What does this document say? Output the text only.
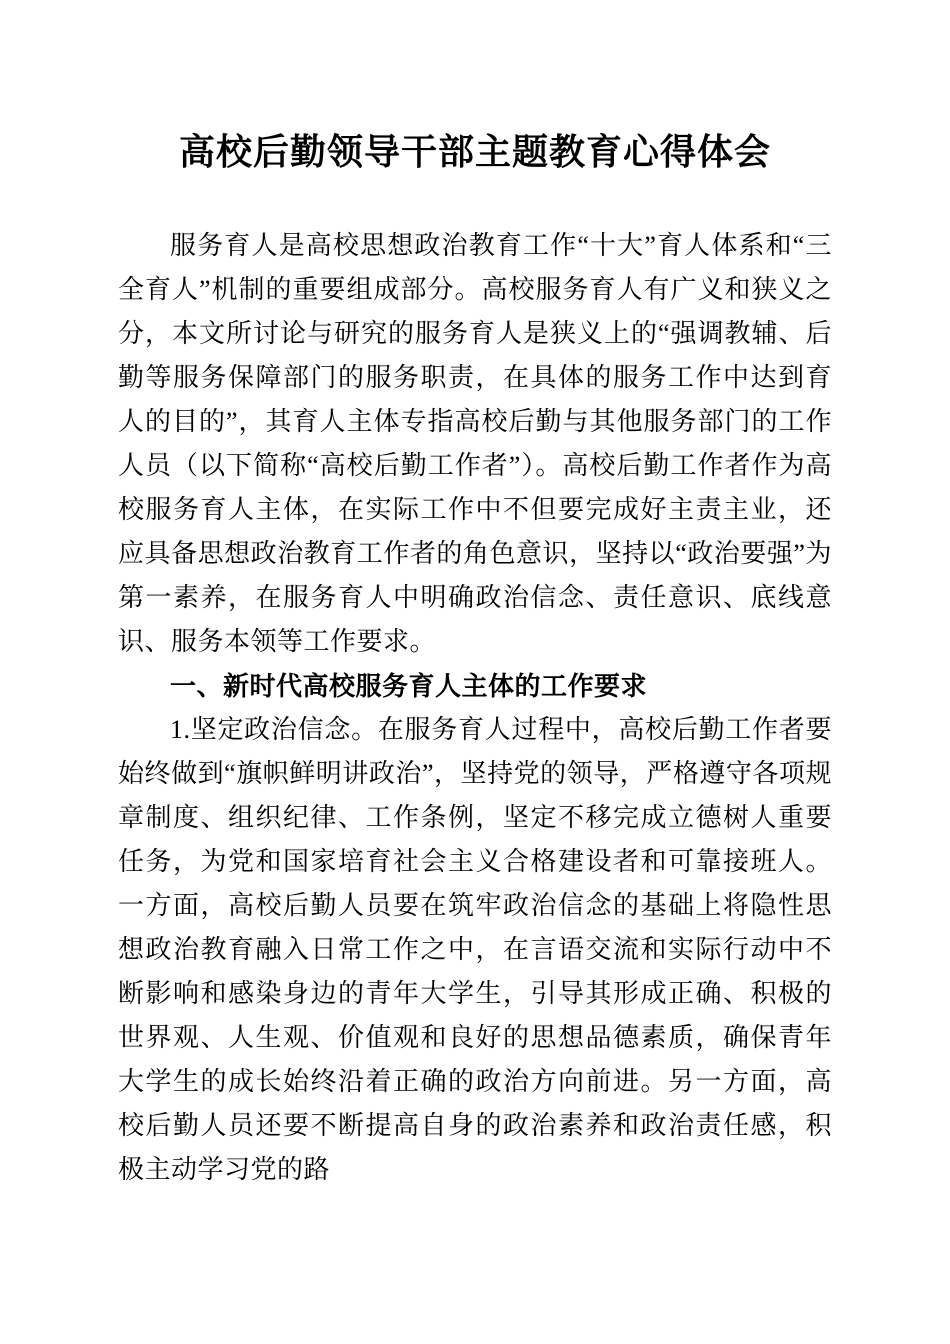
高校后勤领导干部主题教育心得体会

服务育人是高校思想政治教育工作“十大”育人体系和“三全育人”机制的重要组成部分。高校服务育人有广义和狭义之分，本文所讨论与研究的服务育人是狭义上的“强调教辅、后勤等服务保障部门的服务职责，在具体的服务工作中达到育人的目的”，其育人主体专指高校后勤与其他服务部门的工作人员（以下简称“高校后勤工作者”）。高校后勤工作者作为高校服务育人主体，在实际工作中不但要完成好主责主业，还应具备思想政治教育工作者的角色意识，坚持以“政治要强”为第一素养，在服务育人中明确政治信念、责任意识、底线意识、服务本领等工作要求。

一、新时代高校服务育人主体的工作要求

1.坚定政治信念。在服务育人过程中，高校后勤工作者要始终做到“旗帜鲜明讲政治”，坚持党的领导，严格遵守各项规章制度、组织纪律、工作条例，坚定不移完成立德树人重要任务，为党和国家培育社会主义合格建设者和可靠接班人。一方面，高校后勤人员要在筑牢政治信念的基础上将隐性思想政治教育融入日常工作之中，在言语交流和实际行动中不断影响和感染身边的青年大学生，引导其形成正确、积极的世界观、人生观、价值观和良好的思想品德素质，确保青年大学生的成长始终沿着正确的政治方向前进。另一方面，高校后勤人员还要不断提高自身的政治素养和政治责任感，积极主动学习党的路
